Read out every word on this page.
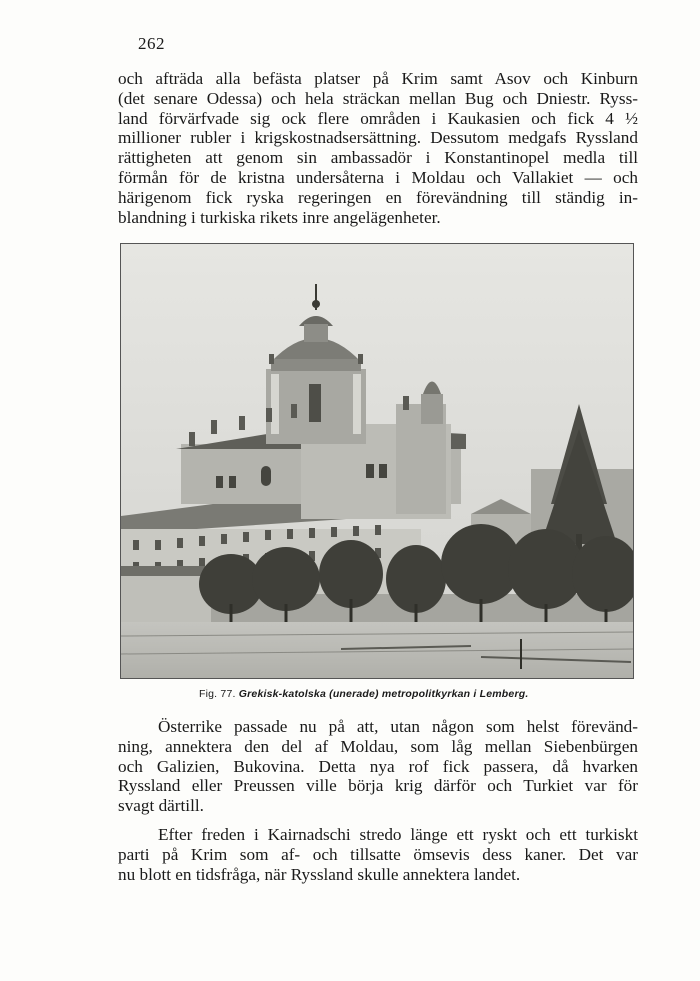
262
och afträda alla befästa platser på Krim samt Asov och Kinburn
(det senare Odessa) och hela sträckan mellan Bug och Dniestr. Ryss-
land förvärfvade sig ock flere områden i Kaukasien och fick 4 ½
millioner rubler i krigskostnadsersättning. Dessutom medgafs Ryssland
rättigheten att genom sin ambassadör i Konstantinopel medla till
förmån för de kristna undersåterna i Moldau och Vallakiet — och
härigenom fick ryska regeringen en förevändning till ständig in-
blandning i turkiska rikets inre angelägenheter.
Fig. 77. Grekisk-katolska (unerade) metropolitkyrkan i Lemberg.
Österrike passade nu på att, utan någon som helst förevänd-
ning, annektera den del af Moldau, som låg mellan Siebenbürgen
och Galizien, Bukovina. Detta nya rof fick passera, då hvarken
Ryssland eller Preussen ville börja krig därför och Turkiet var för
svagt därtill.
Efter freden i Kairnadschi stredo länge ett ryskt och ett turkiskt
parti på Krim som af- och tillsatte ömsevis dess kaner. Det var
nu blott en tidsfråga, när Ryssland skulle annektera landet.
